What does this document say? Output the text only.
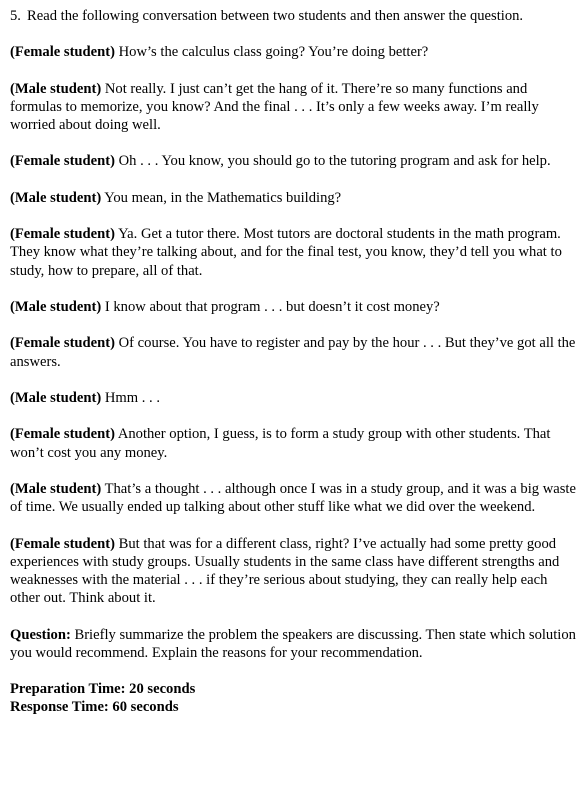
5. Read the following conversation between two students and then answer the question.

(Female student) How’s the calculus class going? You’re doing better?

(Male student) Not really. I just can’t get the hang of it. There’re so many functions and formulas to memorize, you know? And the final . . . It’s only a few weeks away. I’m really worried about doing well.

(Female student) Oh . . . You know, you should go to the tutoring program and ask for help.

(Male student) You mean, in the Mathematics building?

(Female student) Ya. Get a tutor there. Most tutors are doctoral students in the math program. They know what they’re talking about, and for the final test, you know, they’d tell you what to study, how to prepare, all of that.

(Male student) I know about that program . . . but doesn’t it cost money?

(Female student) Of course. You have to register and pay by the hour . . . But they’ve got all the answers.

(Male student) Hmm . . .

(Female student) Another option, I guess, is to form a study group with other students. That won’t cost you any money.

(Male student) That’s a thought . . . although once I was in a study group, and it was a big waste of time. We usually ended up talking about other stuff like what we did over the weekend.

(Female student) But that was for a different class, right? I’ve actually had some pretty good experiences with study groups. Usually students in the same class have different strengths and weaknesses with the material . . . if they’re serious about studying, they can really help each other out. Think about it.

Question: Briefly summarize the problem the speakers are discussing. Then state which solution you would recommend. Explain the reasons for your recommendation.

Preparation Time: 20 seconds

Response Time: 60 seconds
